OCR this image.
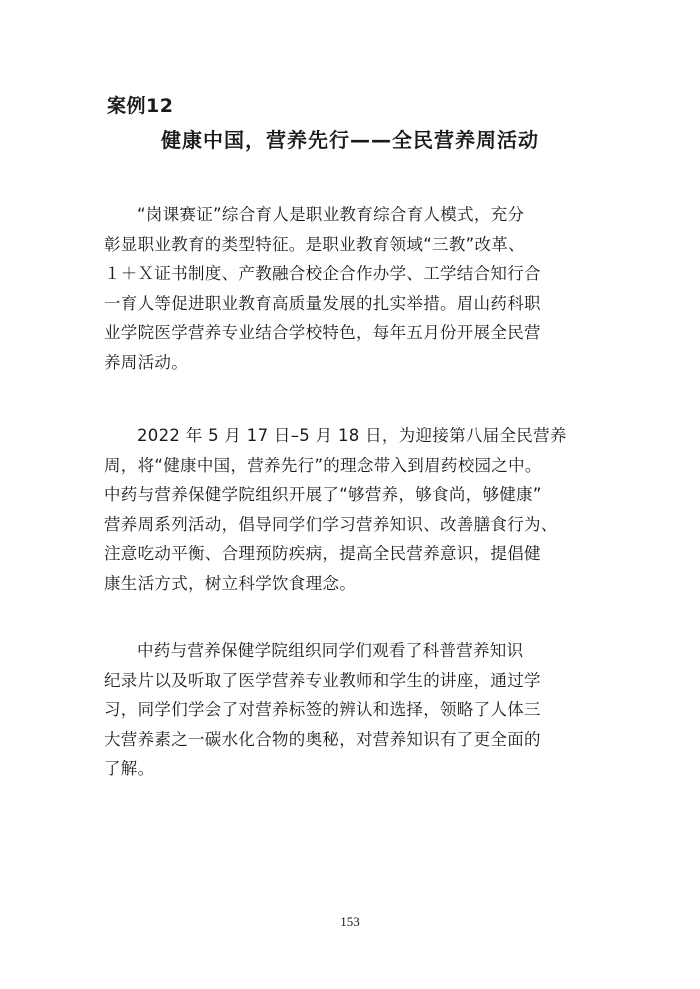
案例12
健康中国，营养先行——全民营养周活动
“岗课赛证”综合育人是职业教育综合育人模式，充分
彰显职业教育的类型特征。是职业教育领域“三教”改革、
１＋Ｘ证书制度、产教融合校企合作办学、工学结合知行合
一育人等促进职业教育高质量发展的扎实举措。眉山药科职
业学院医学营养专业结合学校特色，每年五月份开展全民营
养周活动。
2022 年 5 月 17 日–5 月 18 日，为迎接第八届全民营养
周，将“健康中国，营养先行”的理念带入到眉药校园之中。
中药与营养保健学院组织开展了“够营养，够食尚，够健康”
营养周系列活动，倡导同学们学习营养知识、改善膳食行为、
注意吃动平衡、合理预防疾病，提高全民营养意识，提倡健
康生活方式，树立科学饮食理念。
中药与营养保健学院组织同学们观看了科普营养知识
纪录片以及听取了医学营养专业教师和学生的讲座，通过学
习，同学们学会了对营养标签的辨认和选择，领略了人体三
大营养素之一碳水化合物的奥秘，对营养知识有了更全面的
了解。
153
